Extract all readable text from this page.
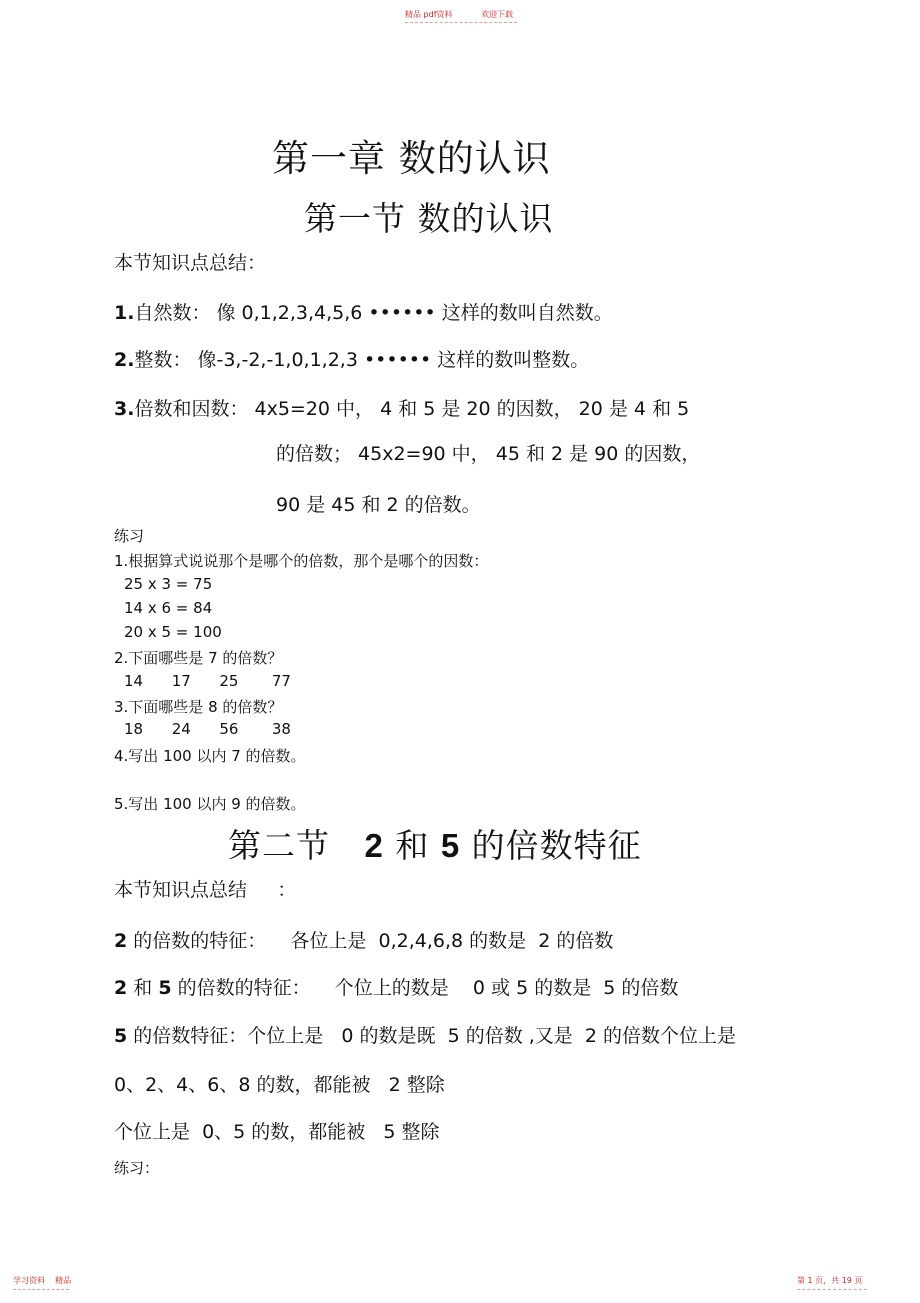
精品 pdf资料	欢迎下载
第一章 数的认识
第一节 数的认识
本节知识点总结：
1.自然数： 像 0,1,2,3,4,5,6 •••••• 这样的数叫自然数。
2.整数： 像-3,-2,-1,0,1,2,3 •••••• 这样的数叫整数。
3.倍数和因数： 4x5=20 中， 4 和 5 是 20 的因数， 20 是 4 和 5
的倍数； 45x2=90 中， 45 和 2 是 90 的因数，
90 是 45 和 2 的倍数。
练习
1.根据算式说说那个是哪个的倍数，那个是哪个的因数：
25 x 3 = 75
14 x 6 = 84
20 x 5 = 100
2.下面哪些是 7 的倍数？
14      17      25       77
3.下面哪些是 8 的倍数？
18      24      56       38
4.写出 100 以内 7 的倍数。
5.写出 100 以内 9 的倍数。
第二节   2 和 5 的倍数特征
本节知识点总结     ：
2 的倍数的特征：    各位上是  0,2,4,6,8 的数是  2 的倍数
2 和 5 的倍数的特征：    个位上的数是    0 或 5 的数是  5 的倍数
5 的倍数特征：个位上是   0 的数是既  5 的倍数 ,又是  2 的倍数个位上是
0、2、4、6、8 的数，都能被   2 整除
个位上是  0、5 的数，都能被   5 整除
练习：
学习资料    精品	第 1 页，共 19 页
